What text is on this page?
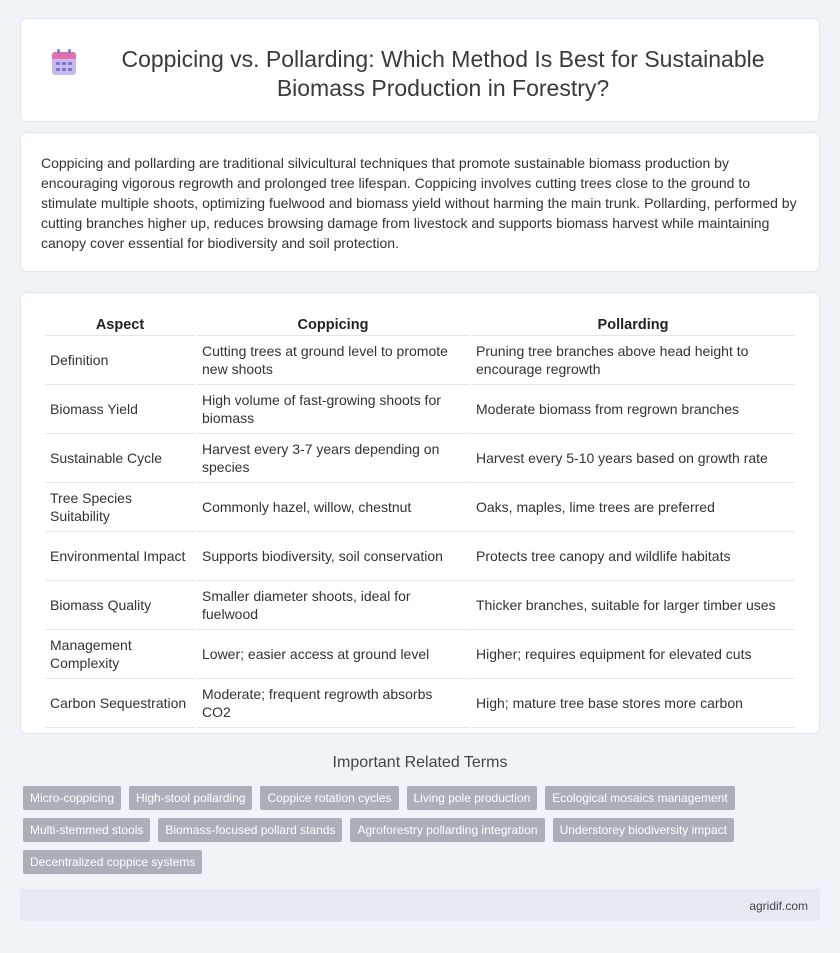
Coppicing vs. Pollarding: Which Method Is Best for Sustainable Biomass Production in Forestry?

Coppicing and pollarding are traditional silvicultural techniques that promote sustainable biomass production by encouraging vigorous regrowth and prolonged tree lifespan. Coppicing involves cutting trees close to the ground to stimulate multiple shoots, optimizing fuelwood and biomass yield without harming the main trunk. Pollarding, performed by cutting branches higher up, reduces browsing damage from livestock and supports biomass harvest while maintaining canopy cover essential for biodiversity and soil protection.

Aspect	Coppicing	Pollarding
Definition	Cutting trees at ground level to promote new shoots	Pruning tree branches above head height to encourage regrowth
Biomass Yield	High volume of fast-growing shoots for biomass	Moderate biomass from regrown branches
Sustainable Cycle	Harvest every 3-7 years depending on species	Harvest every 5-10 years based on growth rate
Tree Species Suitability	Commonly hazel, willow, chestnut	Oaks, maples, lime trees are preferred
Environmental Impact	Supports biodiversity, soil conservation	Protects tree canopy and wildlife habitats
Biomass Quality	Smaller diameter shoots, ideal for fuelwood	Thicker branches, suitable for larger timber uses
Management Complexity	Lower; easier access at ground level	Higher; requires equipment for elevated cuts
Carbon Sequestration	Moderate; frequent regrowth absorbs CO2	High; mature tree base stores more carbon
Important Related Terms
Micro-coppicing	High-stool pollarding	Coppice rotation cycles	Living pole production	Ecological mosaics management
Multi-stemmed stools	Biomass-focused pollard stands	Agroforestry pollarding integration	Understorey biodiversity impact
Decentralized coppice systems
agridif.com
